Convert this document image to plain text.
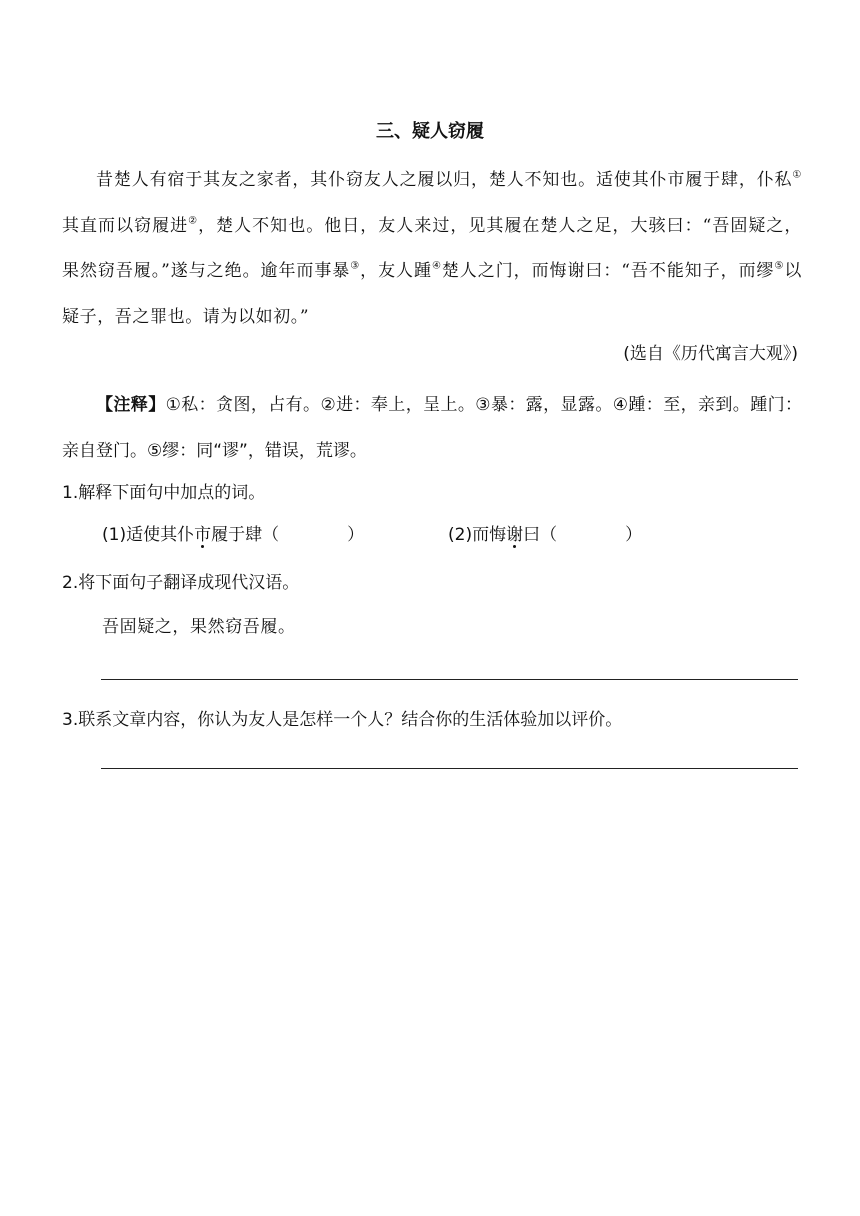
三、疑人窃履
昔楚人有宿于其友之家者，其仆窃友人之履以归，楚人不知也。适使其仆市履于肆，仆私①其直而以窃履进②，楚人不知也。他日，友人来过，见其履在楚人之足，大骇曰：“吾固疑之，果然窃吾履。”遂与之绝。逾年而事暴③，友人踵④楚人之门，而悔谢曰：“吾不能知子，而缪⑤以疑子，吾之罪也。请为以如初。”
(选自《历代寓言大观》)
【注释】①私：贪图，占有。②进：奉上，呈上。③暴：露，显露。④踵：至，亲到。踵门：亲自登门。⑤缪：同“谬”，错误，荒谬。
1.解释下面句中加点的词。
(1)适使其仆市
履于肆（	）	(2)而悔谢
曰（	）
2.将下面句子翻译成现代汉语。
吾固疑之，果然窃吾履。
3.联系文章内容，你认为友人是怎样一个人？结合你的生活体验加以评价。
